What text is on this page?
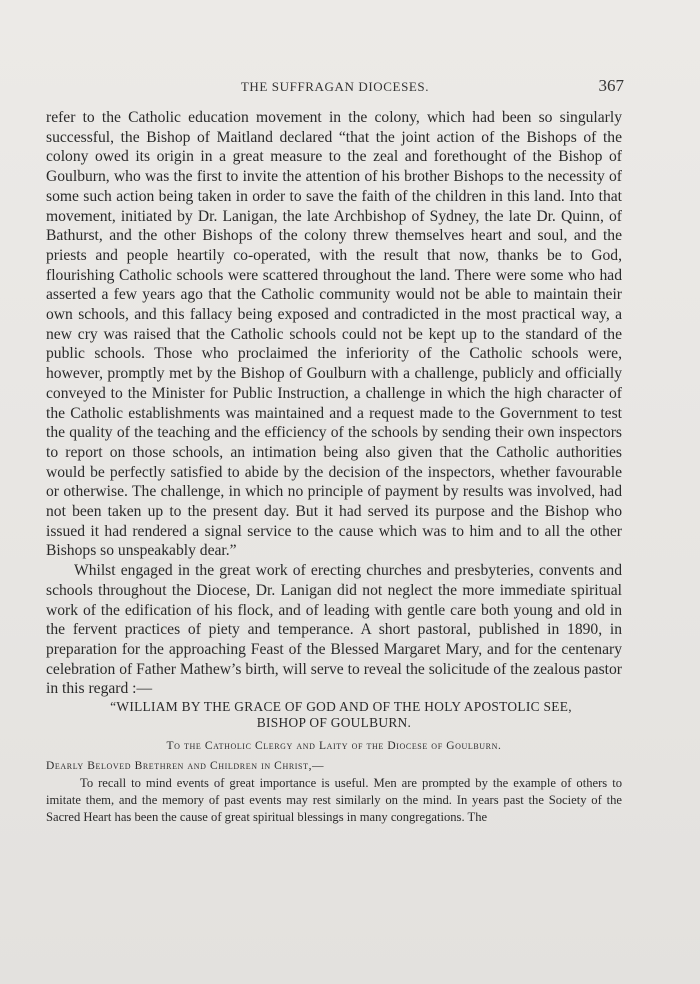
THE SUFFRAGAN DIOCESES.	367

refer to the Catholic education movement in the colony, which had been so singularly successful, the Bishop of Maitland declared “that the joint action of the Bishops of the colony owed its origin in a great measure to the zeal and forethought of the Bishop of Goulburn, who was the first to invite the attention of his brother Bishops to the necessity of some such action being taken in order to save the faith of the children in this land. Into that movement, initiated by Dr. Lanigan, the late Archbishop of Sydney, the late Dr. Quinn, of Bathurst, and the other Bishops of the colony threw themselves heart and soul, and the priests and people heartily co-operated, with the result that now, thanks be to God, flourishing Catholic schools were scattered throughout the land. There were some who had asserted a few years ago that the Catholic community would not be able to maintain their own schools, and this fallacy being exposed and contradicted in the most practical way, a new cry was raised that the Catholic schools could not be kept up to the standard of the public schools. Those who proclaimed the inferiority of the Catholic schools were, however, promptly met by the Bishop of Goulburn with a challenge, publicly and officially conveyed to the Minister for Public Instruction, a challenge in which the high character of the Catholic establishments was maintained and a request made to the Government to test the quality of the teaching and the efficiency of the schools by sending their own inspectors to report on those schools, an intimation being also given that the Catholic authorities would be perfectly satisfied to abide by the decision of the inspectors, whether favourable or otherwise. The challenge, in which no principle of payment by results was involved, had not been taken up to the present day. But it had served its purpose and the Bishop who issued it had rendered a signal service to the cause which was to him and to all the other Bishops so unspeakably dear.”

Whilst engaged in the great work of erecting churches and presbyteries, convents and schools throughout the Diocese, Dr. Lanigan did not neglect the more immediate spiritual work of the edification of his flock, and of leading with gentle care both young and old in the fervent practices of piety and temperance. A short pastoral, published in 1890, in preparation for the approaching Feast of the Blessed Margaret Mary, and for the centenary celebration of Father Mathew’s birth, will serve to reveal the solicitude of the zealous pastor in this regard :—

“WILLIAM BY THE GRACE OF GOD AND OF THE HOLY APOSTOLIC SEE,
BISHOP OF GOULBURN.
To the Catholic Clergy and Laity of the Diocese of Goulburn.
Dearly Beloved Brethren and Children in Christ,—

To recall to mind events of great importance is useful. Men are prompted by the example of others to imitate them, and the memory of past events may rest similarly on the mind. In years past the Society of the Sacred Heart has been the cause of great spiritual blessings in many congregations. The
